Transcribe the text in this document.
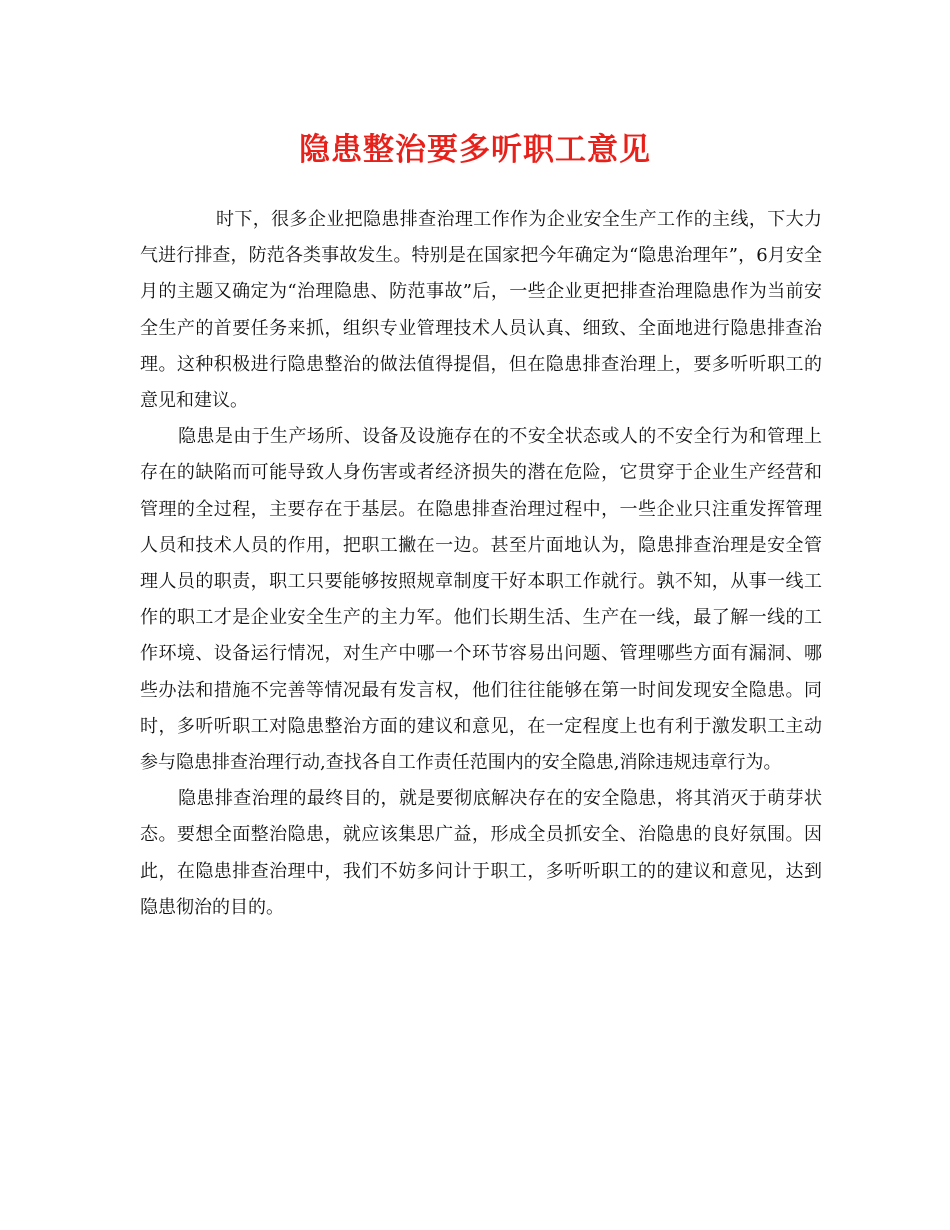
隐患整治要多听职工意见

时下，很多企业把隐患排查治理工作作为企业安全生产工作的主线，下大力气进行排查，防范各类事故发生。特别是在国家把今年确定为“隐患治理年”，6月安全月的主题又确定为“治理隐患、防范事故”后，一些企业更把排查治理隐患作为当前安全生产的首要任务来抓，组织专业管理技术人员认真、细致、全面地进行隐患排查治理。这种积极进行隐患整治的做法值得提倡，但在隐患排查治理上，要多听听职工的意见和建议。

隐患是由于生产场所、设备及设施存在的不安全状态或人的不安全行为和管理上存在的缺陷而可能导致人身伤害或者经济损失的潜在危险，它贯穿于企业生产经营和管理的全过程，主要存在于基层。在隐患排查治理过程中，一些企业只注重发挥管理人员和技术人员的作用，把职工撇在一边。甚至片面地认为，隐患排查治理是安全管理人员的职责，职工只要能够按照规章制度干好本职工作就行。孰不知，从事一线工作的职工才是企业安全生产的主力军。他们长期生活、生产在一线，最了解一线的工作环境、设备运行情况，对生产中哪一个环节容易出问题、管理哪些方面有漏洞、哪些办法和措施不完善等情况最有发言权，他们往往能够在第一时间发现安全隐患。同时，多听听职工对隐患整治方面的建议和意见，在一定程度上也有利于激发职工主动参与隐患排查治理行动,查找各自工作责任范围内的安全隐患,消除违规违章行为。

隐患排查治理的最终目的，就是要彻底解决存在的安全隐患，将其消灭于萌芽状态。要想全面整治隐患，就应该集思广益，形成全员抓安全、治隐患的良好氛围。因此，在隐患排查治理中，我们不妨多问计于职工，多听听职工的的建议和意见，达到隐患彻治的目的。
